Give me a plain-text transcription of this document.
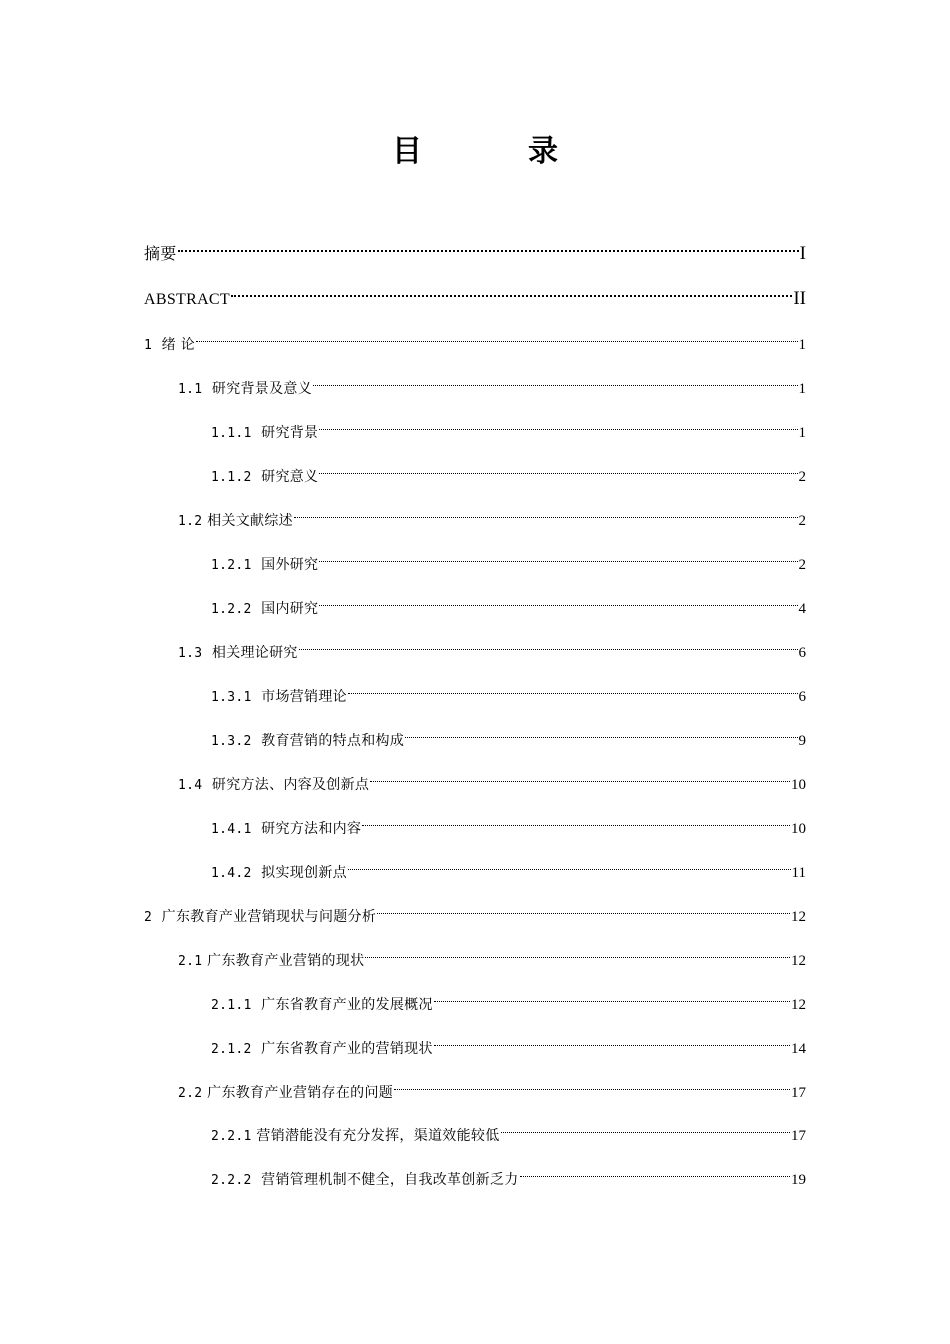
目　录
摘要	I
ABSTRACT	II
1 绪 论	1
1.1 研究背景及意义	1
1.1.1 研究背景	1
1.1.2 研究意义	2
1.2 相关文献综述	2
1.2.1 国外研究	2
1.2.2 国内研究	4
1.3 相关理论研究	6
1.3.1 市场营销理论	6
1.3.2 教育营销的特点和构成	9
1.4 研究方法、内容及创新点	10
1.4.1 研究方法和内容	10
1.4.2 拟实现创新点	11
2 广东教育产业营销现状与问题分析	12
2.1 广东教育产业营销的现状	12
2.1.1 广东省教育产业的发展概况	12
2.1.2 广东省教育产业的营销现状	14
2.2 广东教育产业营销存在的问题	17
2.2.1 营销潜能没有充分发挥，渠道效能较低	17
2.2.2 营销管理机制不健全，自我改革创新乏力	19
